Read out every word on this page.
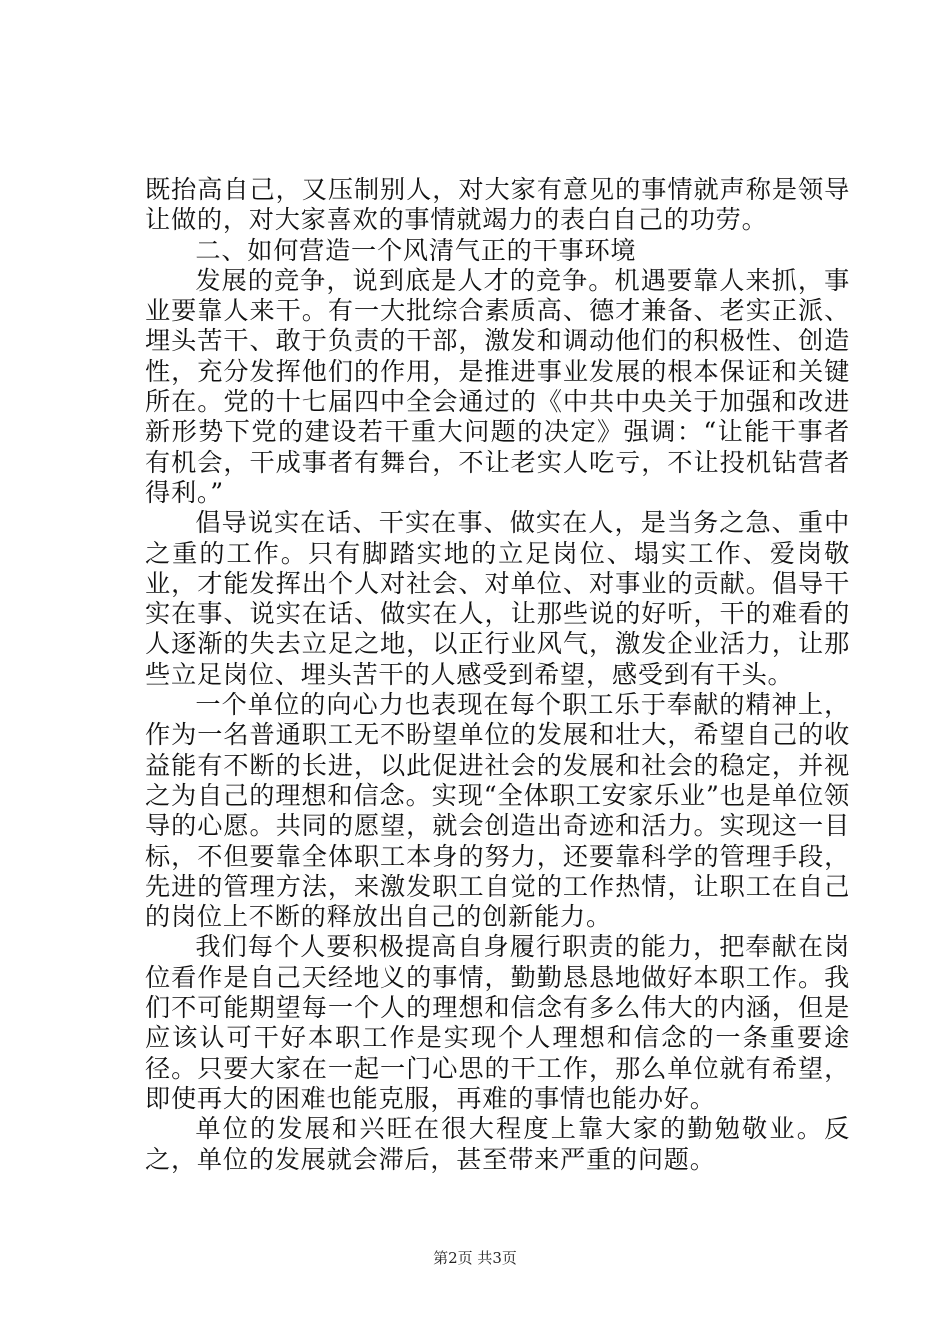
既抬高自己，又压制别人，对大家有意见的事情就声称是领导让做的，对大家喜欢的事情就竭力的表白自己的功劳。

二、如何营造一个风清气正的干事环境

发展的竞争，说到底是人才的竞争。机遇要靠人来抓，事业要靠人来干。有一大批综合素质高、德才兼备、老实正派、埋头苦干、敢于负责的干部，激发和调动他们的积极性、创造性，充分发挥他们的作用，是推进事业发展的根本保证和关键所在。党的十七届四中全会通过的《中共中央关于加强和改进新形势下党的建设若干重大问题的决定》强调：“让能干事者有机会，干成事者有舞台，不让老实人吃亏，不让投机钻营者得利。”

倡导说实在话、干实在事、做实在人，是当务之急、重中之重的工作。只有脚踏实地的立足岗位、塌实工作、爱岗敬业，才能发挥出个人对社会、对单位、对事业的贡献。倡导干实在事、说实在话、做实在人，让那些说的好听，干的难看的人逐渐的失去立足之地，以正行业风气，激发企业活力，让那些立足岗位、埋头苦干的人感受到希望，感受到有干头。

一个单位的向心力也表现在每个职工乐于奉献的精神上，作为一名普通职工无不盼望单位的发展和壮大，希望自己的收益能有不断的长进，以此促进社会的发展和社会的稳定，并视之为自己的理想和信念。实现“全体职工安家乐业”也是单位领导的心愿。共同的愿望，就会创造出奇迹和活力。实现这一目标，不但要靠全体职工本身的努力，还要靠科学的管理手段，先进的管理方法，来激发职工自觉的工作热情，让职工在自己的岗位上不断的释放出自己的创新能力。

我们每个人要积极提高自身履行职责的能力，把奉献在岗位看作是自己天经地义的事情，勤勤恳恳地做好本职工作。我们不可能期望每一个人的理想和信念有多么伟大的内涵，但是应该认可干好本职工作是实现个人理想和信念的一条重要途径。只要大家在一起一门心思的干工作，那么单位就有希望，即使再大的困难也能克服，再难的事情也能办好。

单位的发展和兴旺在很大程度上靠大家的勤勉敬业。反之，单位的发展就会滞后，甚至带来严重的问题。

第2页 共3页
